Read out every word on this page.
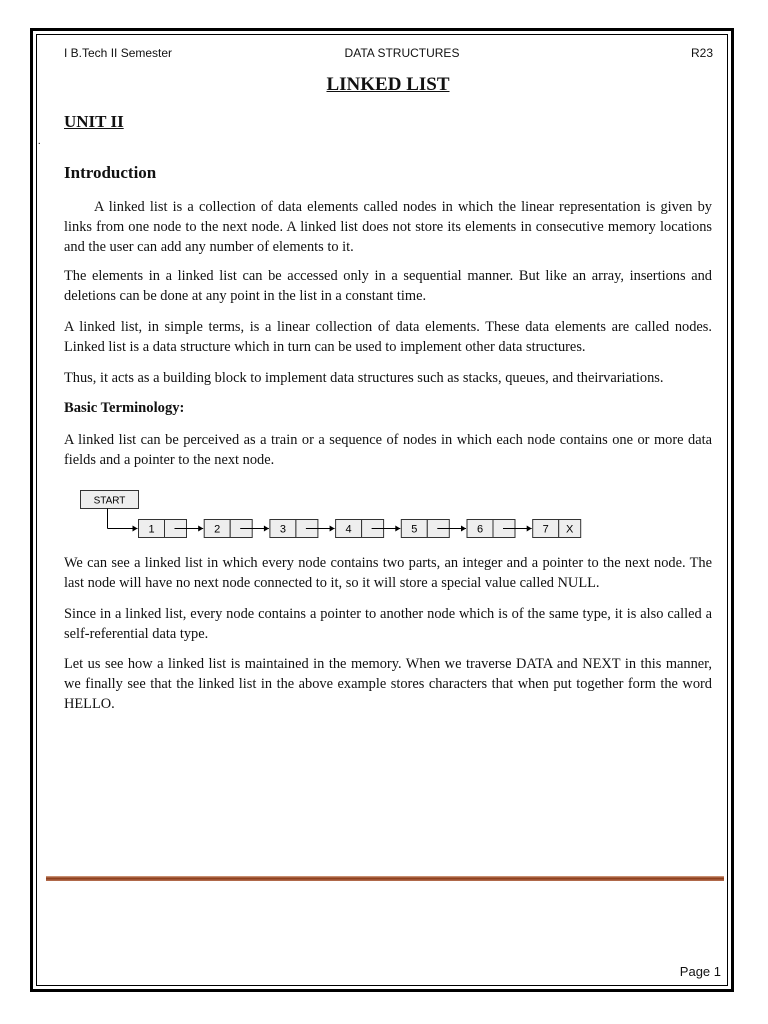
I B.Tech II Semester	DATA STRUCTURES	R23
LINKED LIST
UNIT II
.
Introduction

A linked list is a collection of data elements called nodes in which the linear representation is given by links from one node to the next node. A linked list does not store its elements in consecutive memory locations and the user can add any number of elements to it.

The elements in a linked list can be accessed only in a sequential manner. But like an array, insertions and deletions can be done at any point in the list in a constant time.

A linked list, in simple terms, is a linear collection of data elements. These data elements are called nodes. Linked list is a data structure which in turn can be used to implement other data structures.

Thus, it acts as a building block to implement data structures such as stacks, queues, and theirvariations.

Basic Terminology:

A linked list can be perceived as a train or a sequence of nodes in which each node contains one or more data fields and a pointer to the next node.

START
1	2	3	4	5	6	7 X

We can see a linked list in which every node contains two parts, an integer and a pointer to the next node. The last node will have no next node connected to it, so it will store a special value called NULL.

Since in a linked list, every node contains a pointer to another node which is of the same type, it is also called a self-referential data type.

Let us see how a linked list is maintained in the memory. When we traverse DATA and NEXT in this manner, we finally see that the linked list in the above example stores characters that when put together form the word HELLO.

Page 1
